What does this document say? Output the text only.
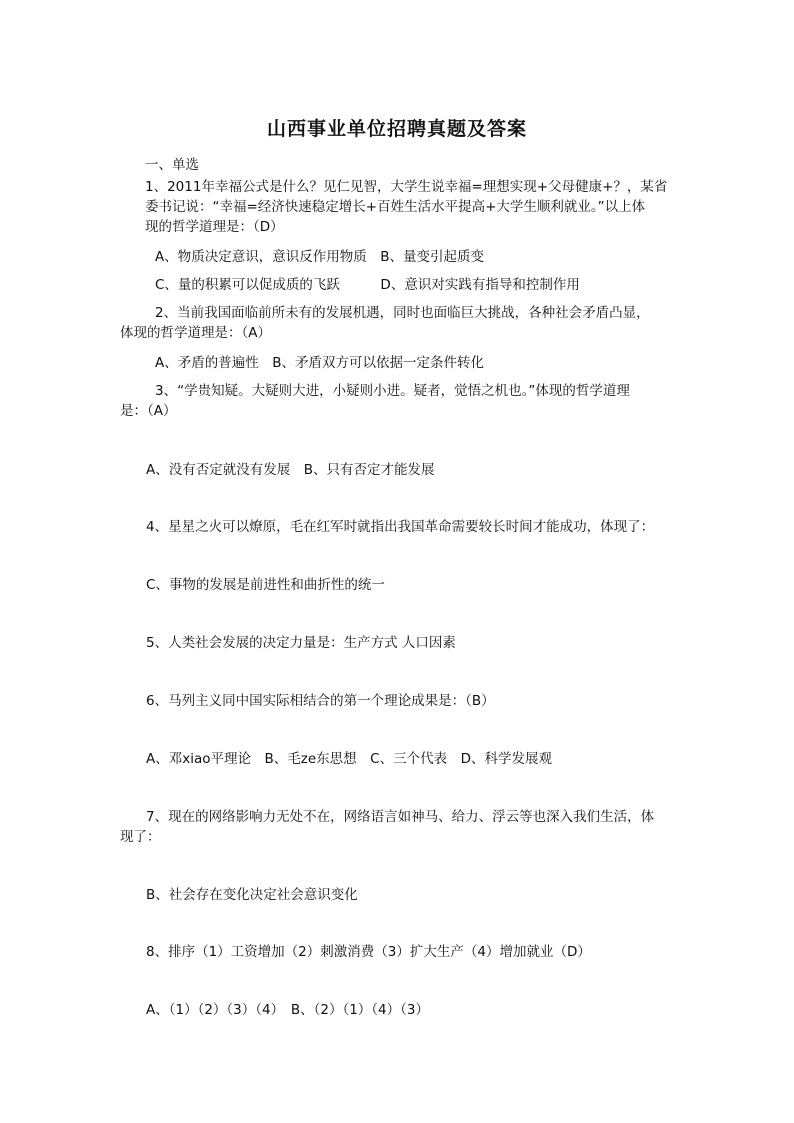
山西事业单位招聘真题及答案
一、单选
1、2011年幸福公式是什么？见仁见智，大学生说幸福=理想实现+父母健康+？，某省
委书记说：“幸福=经济快速稳定增长+百姓生活水平提高+大学生顺利就业。”以上体
现的哲学道理是：（D）
A、物质决定意识，意识反作用物质　B、量变引起质变
C、量的积累可以促成质的飞跃　　　D、意识对实践有指导和控制作用
2、当前我国面临前所未有的发展机遇，同时也面临巨大挑战，各种社会矛盾凸显，
体现的哲学道理是：（A）
A、矛盾的普遍性　B、矛盾双方可以依据一定条件转化
3、“学贵知疑。大疑则大进，小疑则小进。疑者，觉悟之机也。”体现的哲学道理
是：（A）
A、没有否定就没有发展　B、只有否定才能发展
4、星星之火可以燎原，毛在红军时就指出我国革命需要较长时间才能成功，体现了：
C、事物的发展是前进性和曲折性的统一
5、人类社会发展的决定力量是：生产方式 人口因素
6、马列主义同中国实际相结合的第一个理论成果是：（B）
A、邓xiao平理论　B、毛ze东思想　C、三个代表　D、科学发展观
7、现在的网络影响力无处不在，网络语言如神马、给力、浮云等也深入我们生活，体
现了：
B、社会存在变化决定社会意识变化
8、排序（1）工资增加（2）刺激消费（3）扩大生产（4）增加就业（D）
A、（1）（2）（3）（4）　B、（2）（1）（4）（3）
